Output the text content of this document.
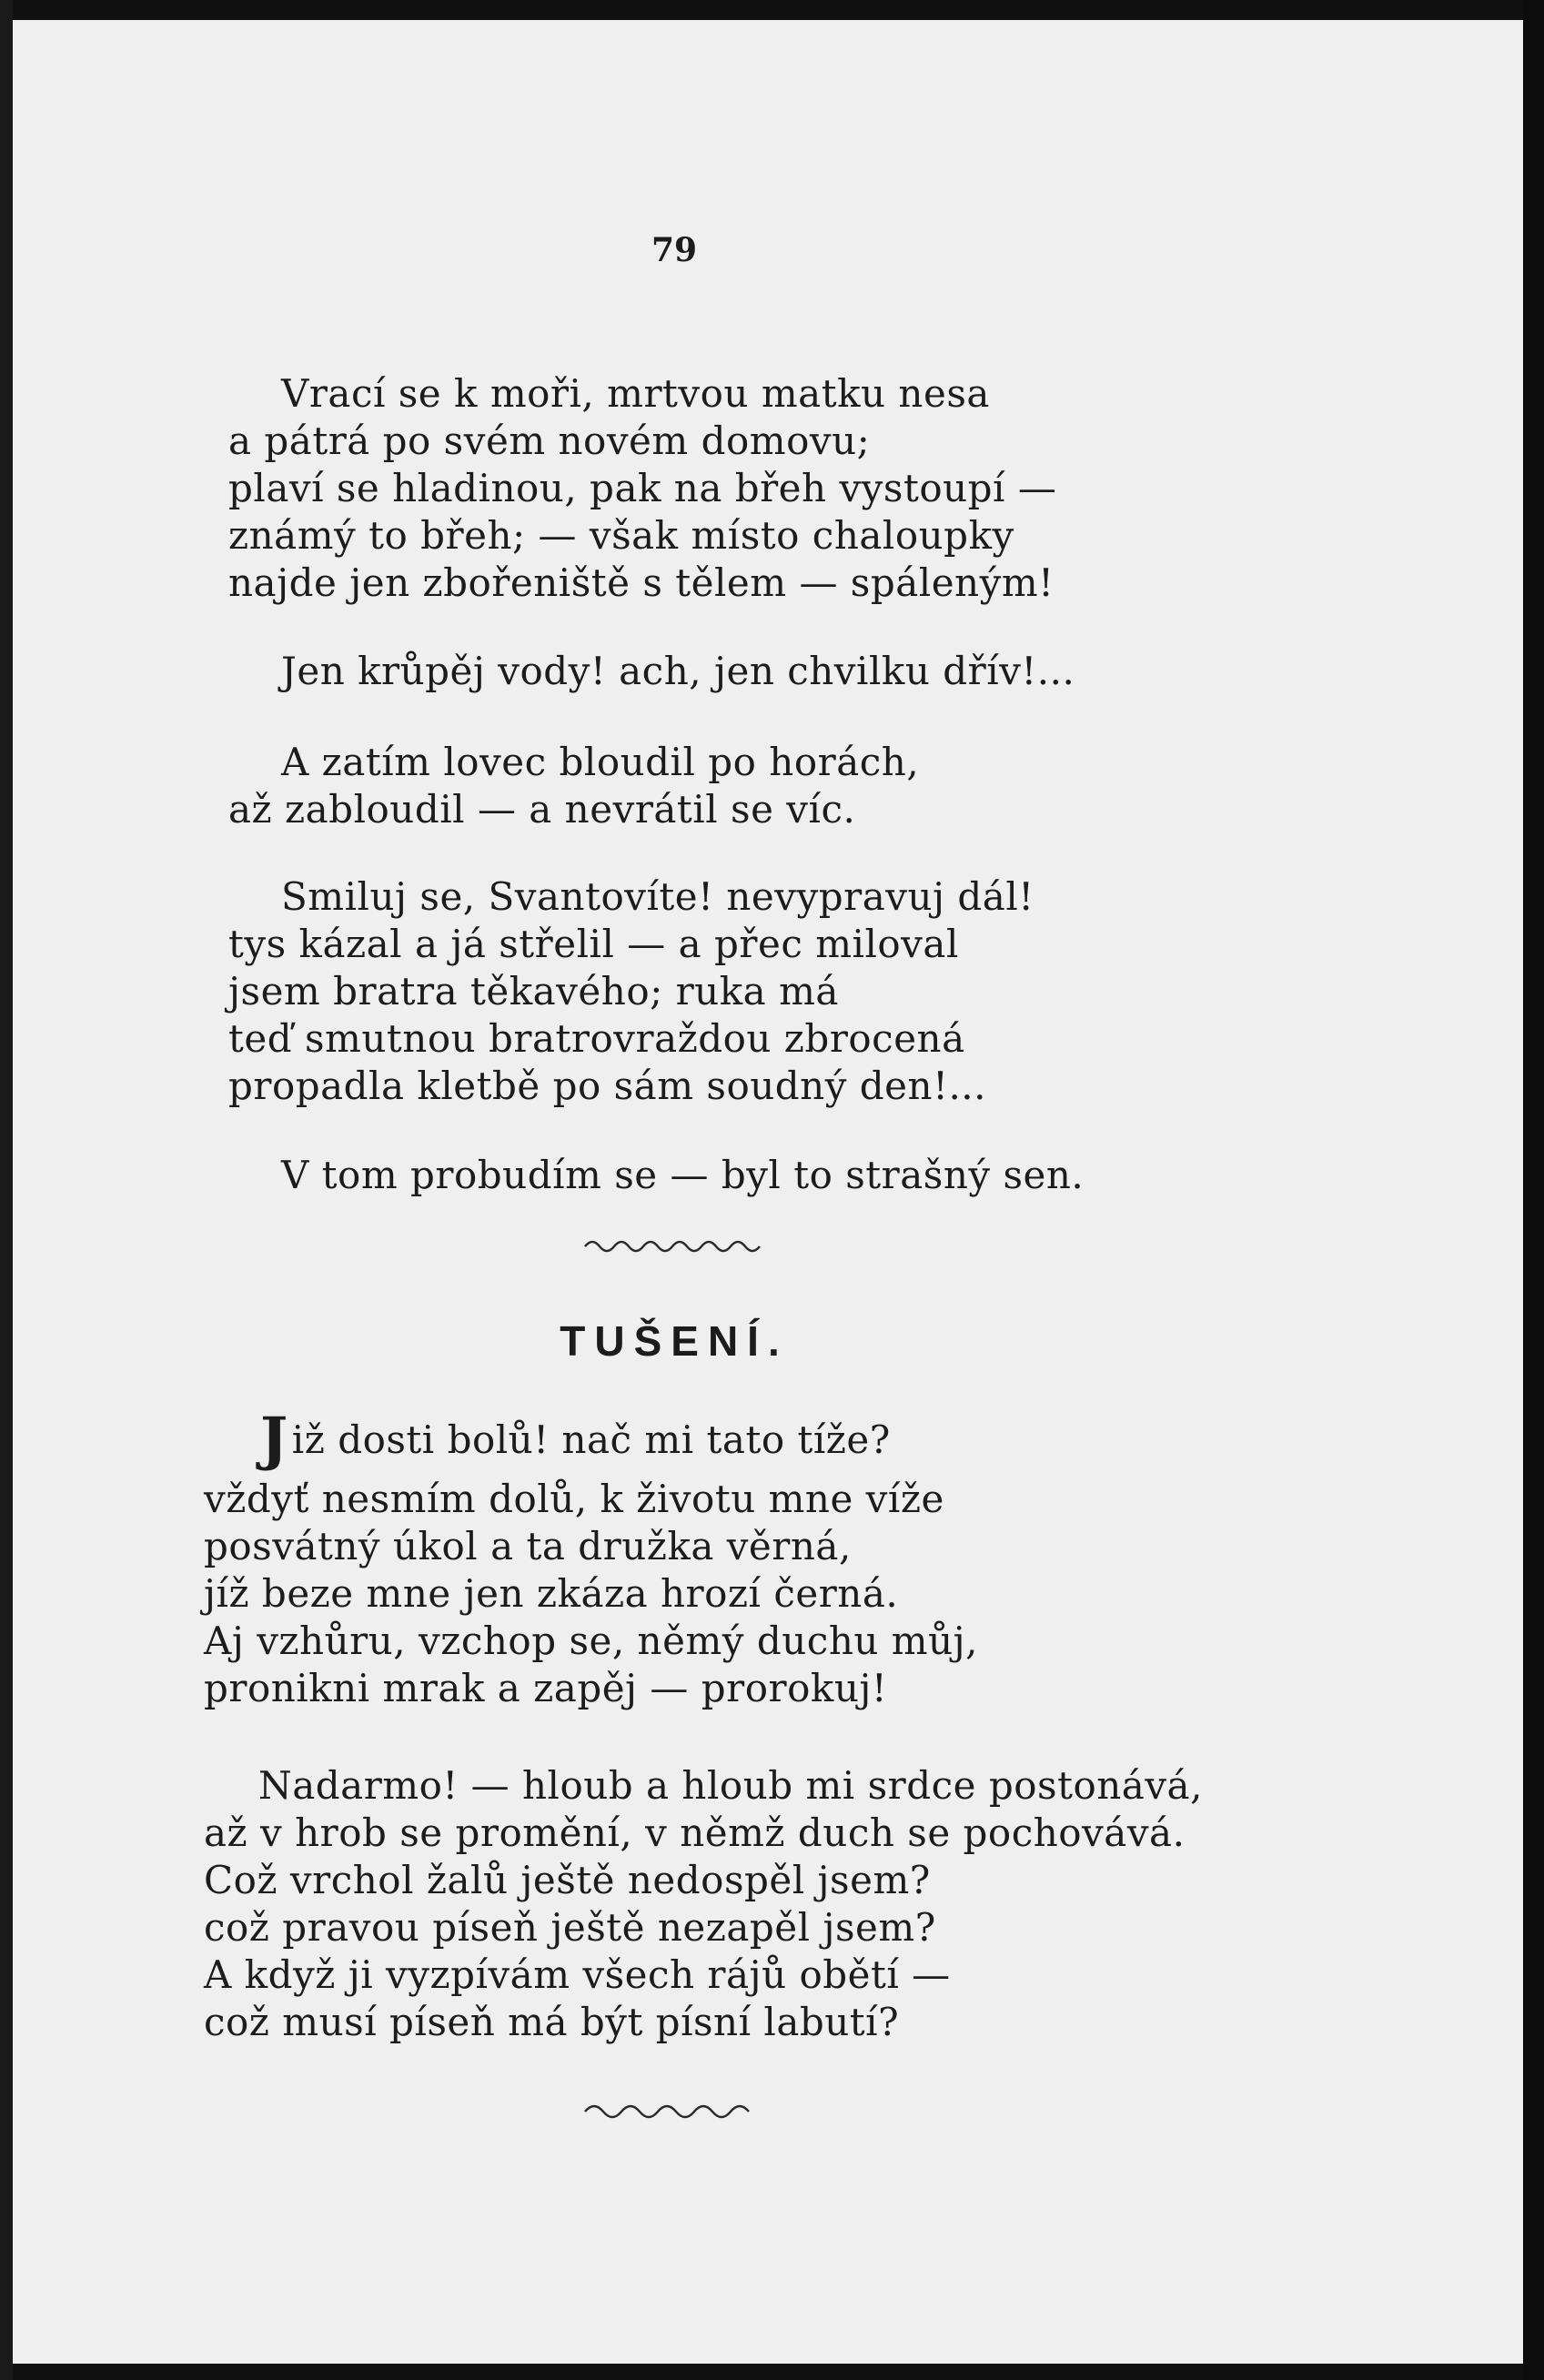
79
Vrací se k moři, mrtvou matku nesa
a pátrá po svém novém domovu;
plaví se hladinou, pak na břeh vystoupí —
známý to břeh; — však místo chaloupky
najde jen zbořeniště s tělem — spáleným!
Jen krůpěj vody! ach, jen chvilku dřív!...
A zatím lovec bloudil po horách,
až zabloudil — a nevrátil se víc.
Smiluj se, Svantovíte! nevypravuj dál!
tys kázal a já střelil — a přec miloval
jsem bratra těkavého; ruka má
teď smutnou bratrovraždou zbrocená
propadla kletbě po sám soudný den!...
V tom probudím se — byl to strašný sen.
TUŠENÍ.
Již dosti bolů! nač mi tato tíže?
vždyť nesmím dolů, k životu mne víže
posvátný úkol a ta družka věrná,
jíž beze mne jen zkáza hrozí černá.
Aj vzhůru, vzchop se, němý duchu můj,
pronikni mrak a zapěj — prorokuj!
Nadarmo! — hloub a hloub mi srdce postonává,
až v hrob se promění, v němž duch se pochovává.
Což vrchol žalů ještě nedospěl jsem?
což pravou píseň ještě nezapěl jsem?
A když ji vyzpívám všech rájů obětí —
což musí píseň má být písní labutí?
